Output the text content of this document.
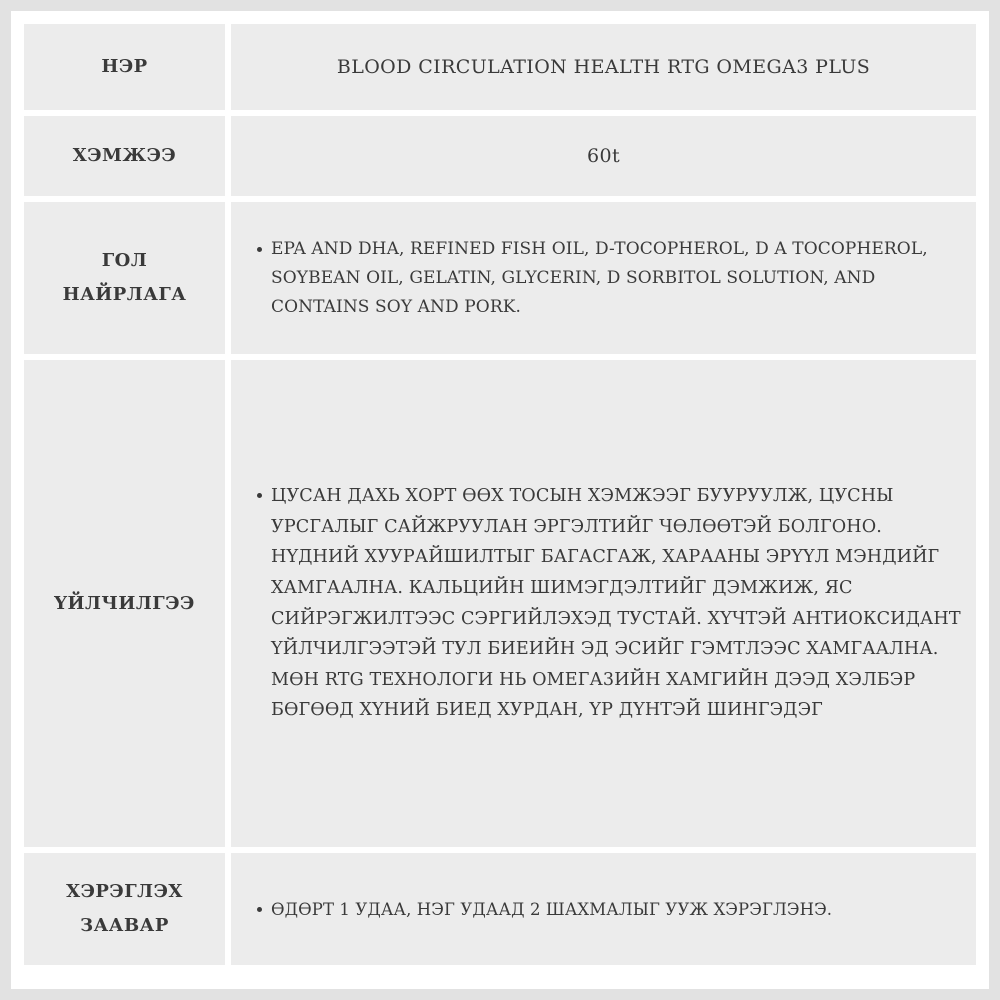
НЭР	BLOOD CIRCULATION HEALTH RTG OMEGA3 PLUS
ХЭМЖЭЭ	60t
ГОЛ НАЙРЛАГА
EPA AND DHA, REFINED FISH OIL, D-TOCOPHEROL, D Α TOCOPHEROL, SOYBEAN OIL, GELATIN, GLYCERIN, D SORBITOL SOLUTION, AND CONTAINS SOY AND PORK.
ҮЙЛЧИЛГЭЭ
ЦУСАН ДАХЬ ХОРТ ӨӨХ ТОСЫН ХЭМЖЭЭГ БУУРУУЛЖ, ЦУСНЫ УРСГАЛЫГ САЙЖРУУЛАН ЭРГЭЛТИЙГ ЧӨЛӨӨТЭЙ БОЛГОНО. НҮДНИЙ ХУУРАЙШИЛТЫГ БАГАСГАЖ, ХАРААНЫ ЭРҮҮЛ МЭНДИЙГ ХАМГААЛНА. КАЛЬЦИЙН ШИМЭГДЭЛТИЙГ ДЭМЖИЖ, ЯС СИЙРЭГЖИЛТЭЭС СЭРГИЙЛЭХЭД ТУСТАЙ. ХҮЧТЭЙ АНТИОКСИДАНТ ҮЙЛЧИЛГЭЭТЭЙ ТУЛ БИЕИЙН ЭД ЭСИЙГ ГЭМТЛЭЭС ХАМГААЛНА. МӨН RTG ТЕХНОЛОГИ НЬ ОМЕГА3ИЙН ХАМГИЙН ДЭЭД ХЭЛБЭР БӨГӨӨД ХҮНИЙ БИЕД ХУРДАН, ҮР ДҮНТЭЙ ШИНГЭДЭГ
ХЭРЭГЛЭХ ЗААВАР
ӨДӨРТ 1 УДАА, НЭГ УДААД 2 ШАХМАЛЫГ УУЖ ХЭРЭГЛЭНЭ.
